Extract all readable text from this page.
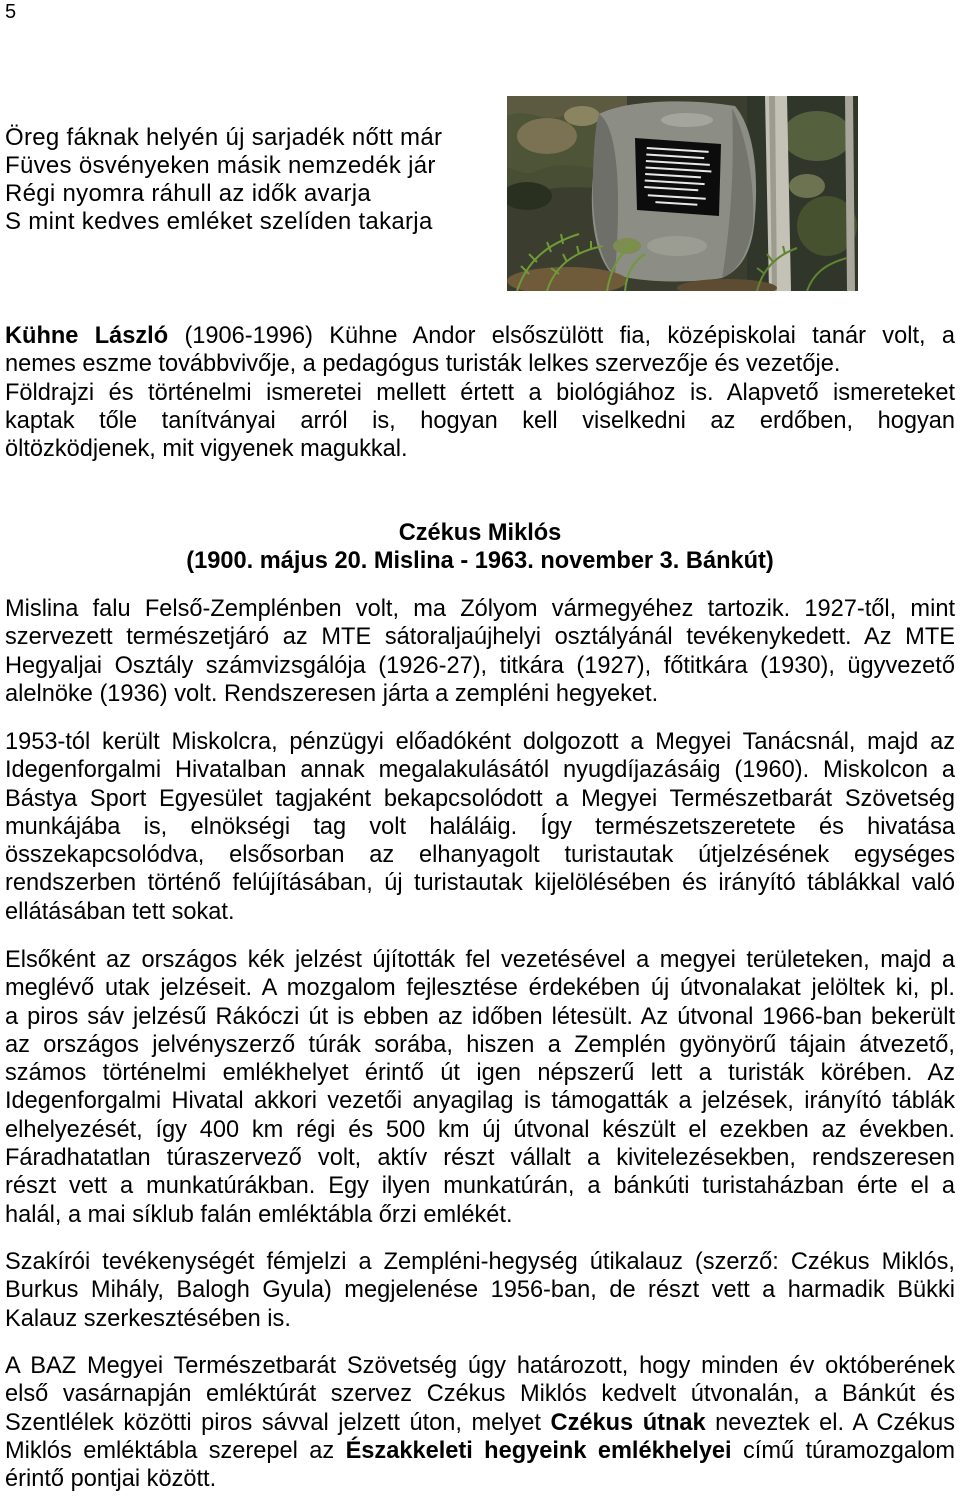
5
Öreg fáknak helyén új sarjadék nőtt már
Füves ösvényeken másik nemzedék jár
Régi nyomra ráhull az idők avarja
S mint kedves emléket szelíden takarja
Kühne László (1906-1996) Kühne Andor elsőszülött fia, középiskolai tanár volt, a
nemes eszme továbbvivője, a pedagógus turisták lelkes szervezője és vezetője.
Földrajzi és történelmi ismeretei mellett értett a biológiához is. Alapvető ismereteket
kaptak tőle tanítványai arról is, hogyan kell viselkedni az erdőben, hogyan
öltözködjenek, mit vigyenek magukkal.
Czékus Miklós
(1900. május 20. Mislina - 1963. november 3. Bánkút)
Mislina falu Felső-Zemplénben volt, ma Zólyom vármegyéhez tartozik. 1927-től, mint
szervezett természetjáró az MTE sátoraljaújhelyi osztályánál tevékenykedett. Az MTE
Hegyaljai Osztály számvizsgálója (1926-27), titkára (1927), főtitkára (1930), ügyvezető
alelnöke (1936) volt. Rendszeresen járta a zempléni hegyeket.
1953-tól került Miskolcra, pénzügyi előadóként dolgozott a Megyei Tanácsnál, majd az
Idegenforgalmi Hivatalban annak megalakulásától nyugdíjazásáig (1960). Miskolcon a
Bástya Sport Egyesület tagjaként bekapcsolódott a Megyei Természetbarát Szövetség
munkájába is, elnökségi tag volt haláláig. Így természetszeretete és hivatása
összekapcsolódva, elsősorban az elhanyagolt turistautak útjelzésének egységes
rendszerben történő felújításában, új turistautak kijelölésében és irányító táblákkal való
ellátásában tett sokat.
Elsőként az országos kék jelzést újították fel vezetésével a megyei területeken, majd a
meglévő utak jelzéseit. A mozgalom fejlesztése érdekében új útvonalakat jelöltek ki, pl.
a piros sáv jelzésű Rákóczi út is ebben az időben létesült. Az útvonal 1966-ban bekerült
az országos jelvényszerző túrák sorába, hiszen a Zemplén gyönyörű tájain átvezető,
számos történelmi emlékhelyet érintő út igen népszerű lett a turisták körében. Az
Idegenforgalmi Hivatal akkori vezetői anyagilag is támogatták a jelzések, irányító táblák
elhelyezését, így 400 km régi és 500 km új útvonal készült el ezekben az években.
Fáradhatatlan túraszervező volt, aktív részt vállalt a kivitelezésekben, rendszeresen
részt vett a munkatúrákban. Egy ilyen munkatúrán, a bánkúti turistaházban érte el a
halál, a mai síklub falán emléktábla őrzi emlékét.
Szakírói tevékenységét fémjelzi a Zempléni-hegység útikalauz (szerző: Czékus Miklós,
Burkus Mihály, Balogh Gyula) megjelenése 1956-ban, de részt vett a harmadik Bükki
Kalauz szerkesztésében is.
A BAZ Megyei Természetbarát Szövetség úgy határozott, hogy minden év októberének
első vasárnapján emléktúrát szervez Czékus Miklós kedvelt útvonalán, a Bánkút és
Szentlélek közötti piros sávval jelzett úton, melyet Czékus útnak neveztek el. A Czékus
Miklós emléktábla szerepel az Északkeleti hegyeink emlékhelyei című túramozgalom
érintő pontjai között.
